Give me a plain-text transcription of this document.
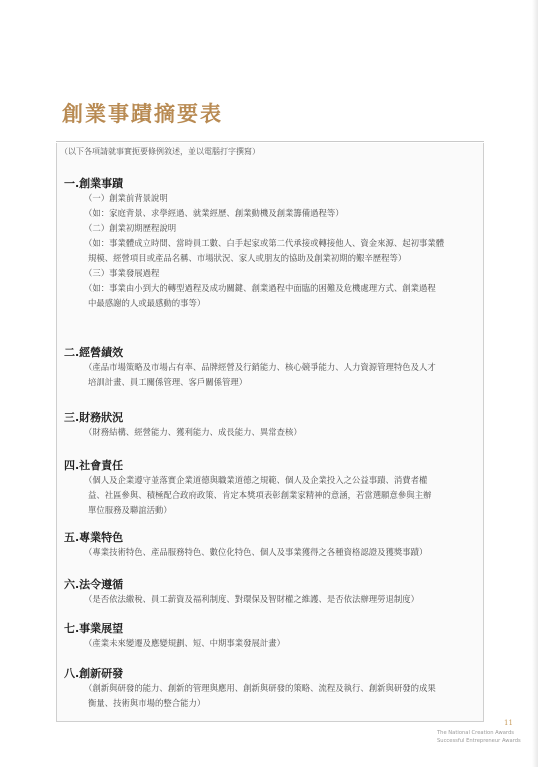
創業事蹟摘要表
（以下各項請就事實扼要條例敘述，並以電腦打字撰寫）
一.創業事蹟
（一）創業前背景說明
（如：家庭背景、求學經過、就業經歷、創業動機及創業籌備過程等）
（二）創業初期歷程說明
（如：事業體成立時間、當時員工數、白手起家或第二代承接或轉接他人、資金來源、起初事業體
規模、經營項目或產品名稱、市場狀況、家人或朋友的協助及創業初期的艱辛歷程等）
（三）事業發展過程
（如：事業由小到大的轉型過程及成功關鍵、創業過程中面臨的困難及危機處理方式、創業過程
中最感謝的人或最感動的事等）
二.經營績效
（產品市場策略及市場占有率、品牌經營及行銷能力、核心競爭能力、人力資源管理特色及人才
培訓計畫、員工關係管理、客戶關係管理）
三.財務狀況
（財務結構、經營能力、獲利能力、成長能力、異常查核）
四.社會責任
（個人及企業遵守並落實企業道德與職業道德之規範、個人及企業投入之公益事蹟、消費者權
益、社區參與、積極配合政府政策、肯定本獎項表彰創業家精神的意涵，若當選願意參與主辦
單位服務及聯誼活動）
五.專業特色
（專業技術特色、產品服務特色、數位化特色、個人及事業獲得之各種資格認證及獲獎事蹟）
六.法令遵循
（是否依法繳稅、員工薪資及福利制度、對環保及智財權之維護、是否依法辦理勞退制度）
七.事業展望
（產業未來變遷及應變規劃、短、中期事業發展計畫）
八.創新研發
（創新與研發的能力、創新的管理與應用、創新與研發的策略、流程及執行、創新與研發的成果
衡量、技術與市場的整合能力）
11
The National Creation Awards
Successful Entrepreneur Awards
